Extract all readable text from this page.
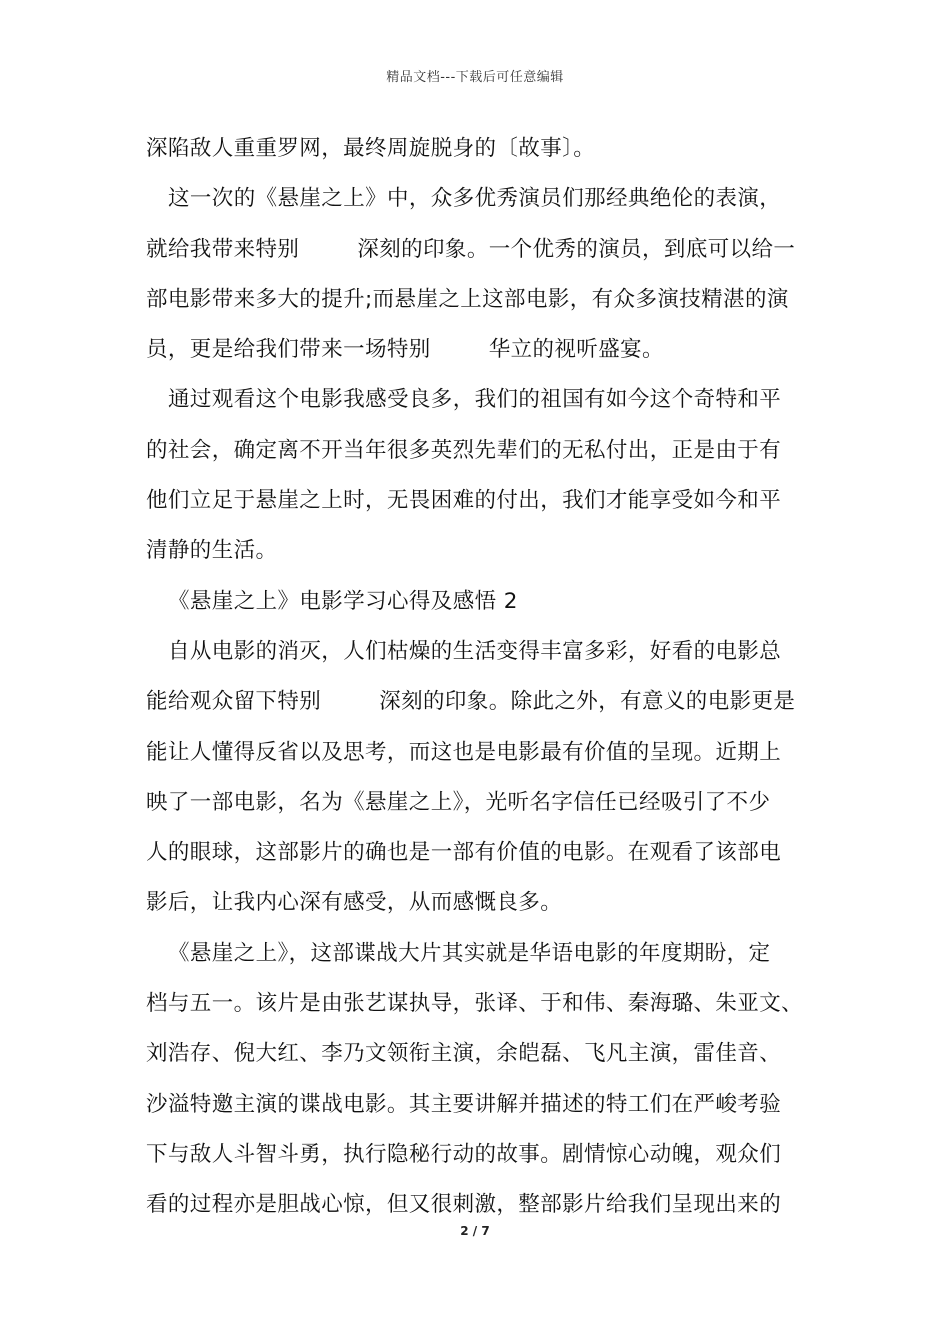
精品文档---下载后可任意编辑
深陷敌人重重罗网，最终周旋脱身的〔故事〕。
这一次的《悬崖之上》中，众多优秀演员们那经典绝伦的表演，
就给我带来特别	深刻的印象。一个优秀的演员，到底可以给一
部电影带来多大的提升;而悬崖之上这部电影，有众多演技精湛的演
员，更是给我们带来一场特别	华立的视听盛宴。
通过观看这个电影我感受良多，我们的祖国有如今这个奇特和平
的社会，确定离不开当年很多英烈先辈们的无私付出，正是由于有
他们立足于悬崖之上时，无畏困难的付出，我们才能享受如今和平
清静的生活。
《悬崖之上》电影学习心得及感悟 2
自从电影的消灭，人们枯燥的生活变得丰富多彩，好看的电影总
能给观众留下特别	深刻的印象。除此之外，有意义的电影更是
能让人懂得反省以及思考，而这也是电影最有价值的呈现。近期上
映了一部电影，名为《悬崖之上》，光听名字信任已经吸引了不少
人的眼球，这部影片的确也是一部有价值的电影。在观看了该部电
影后，让我内心深有感受，从而感慨良多。
《悬崖之上》，这部谍战大片其实就是华语电影的年度期盼，定
档与五一。该片是由张艺谋执导，张译、于和伟、秦海璐、朱亚文、
刘浩存、倪大红、李乃文领衔主演，余皑磊、飞凡主演，雷佳音、
沙溢特邀主演的谍战电影。其主要讲解并描述的特工们在严峻考验
下与敌人斗智斗勇，执行隐秘行动的故事。剧情惊心动魄，观众们
看的过程亦是胆战心惊，但又很刺激，整部影片给我们呈现出来的
2 / 7
